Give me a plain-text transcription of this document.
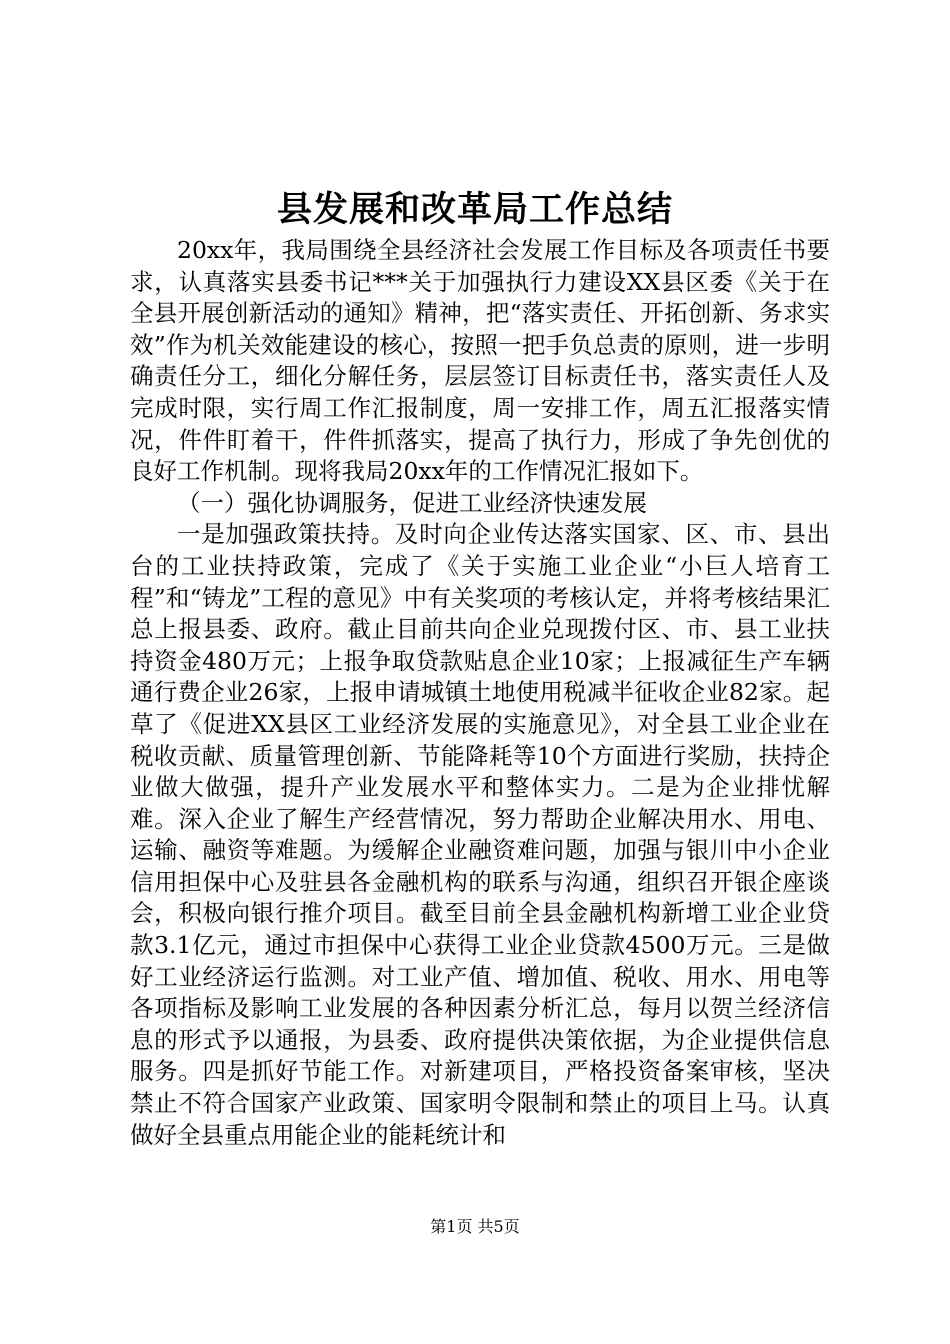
县发展和改革局工作总结

20xx年，我局围绕全县经济社会发展工作目标及各项责任书要求，认真落实县委书记***关于加强执行力建设XX县区委《关于在全县开展创新活动的通知》精神，把“落实责任、开拓创新、务求实效”作为机关效能建设的核心，按照一把手负总责的原则，进一步明确责任分工，细化分解任务，层层签订目标责任书，落实责任人及完成时限，实行周工作汇报制度，周一安排工作，周五汇报落实情况，件件盯着干，件件抓落实，提高了执行力，形成了争先创优的良好工作机制。现将我局20xx年的工作情况汇报如下。

（一）强化协调服务，促进工业经济快速发展

一是加强政策扶持。及时向企业传达落实国家、区、市、县出台的工业扶持政策，完成了《关于实施工业企业“小巨人培育工程”和“铸龙”工程的意见》中有关奖项的考核认定，并将考核结果汇总上报县委、政府。截止目前共向企业兑现拨付区、市、县工业扶持资金480万元；上报争取贷款贴息企业10家；上报减征生产车辆通行费企业26家，上报申请城镇土地使用税减半征收企业82家。起草了《促进XX县区工业经济发展的实施意见》，对全县工业企业在税收贡献、质量管理创新、节能降耗等10个方面进行奖励，扶持企业做大做强，提升产业发展水平和整体实力。二是为企业排忧解难。深入企业了解生产经营情况，努力帮助企业解决用水、用电、运输、融资等难题。为缓解企业融资难问题，加强与银川中小企业信用担保中心及驻县各金融机构的联系与沟通，组织召开银企座谈会，积极向银行推介项目。截至目前全县金融机构新增工业企业贷款3.1亿元，通过市担保中心获得工业企业贷款4500万元。三是做好工业经济运行监测。对工业产值、增加值、税收、用水、用电等各项指标及影响工业发展的各种因素分析汇总，每月以贺兰经济信息的形式予以通报，为县委、政府提供决策依据，为企业提供信息服务。四是抓好节能工作。对新建项目，严格投资备案审核，坚决禁止不符合国家产业政策、国家明令限制和禁止的项目上马。认真做好全县重点用能企业的能耗统计和

第1页 共5页
